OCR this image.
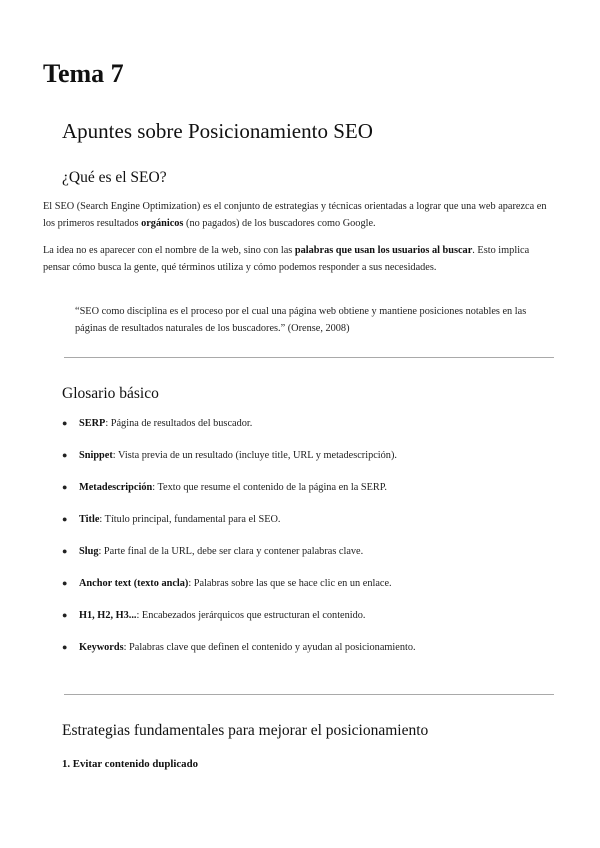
Tema 7
Apuntes sobre Posicionamiento SEO
¿Qué es el SEO?

El SEO (Search Engine Optimization) es el conjunto de estrategias y técnicas orientadas a lograr que una web aparezca en los primeros resultados orgánicos (no pagados) de los buscadores como Google.

La idea no es aparecer con el nombre de la web, sino con las palabras que usan los usuarios al buscar. Esto implica pensar cómo busca la gente, qué términos utiliza y cómo podemos responder a sus necesidades.

“SEO como disciplina es el proceso por el cual una página web obtiene y mantiene posiciones notables en las páginas de resultados naturales de los buscadores.” (Orense, 2008)

Glosario básico
● SERP: Página de resultados del buscador.
● Snippet: Vista previa de un resultado (incluye title, URL y metadescripción).
● Metadescripción: Texto que resume el contenido de la página en la SERP.
● Title: Título principal, fundamental para el SEO.
● Slug: Parte final de la URL, debe ser clara y contener palabras clave.
● Anchor text (texto ancla): Palabras sobre las que se hace clic en un enlace.
● H1, H2, H3...: Encabezados jerárquicos que estructuran el contenido.
● Keywords: Palabras clave que definen el contenido y ayudan al posicionamiento.
Estrategias fundamentales para mejorar el posicionamiento
1. Evitar contenido duplicado
